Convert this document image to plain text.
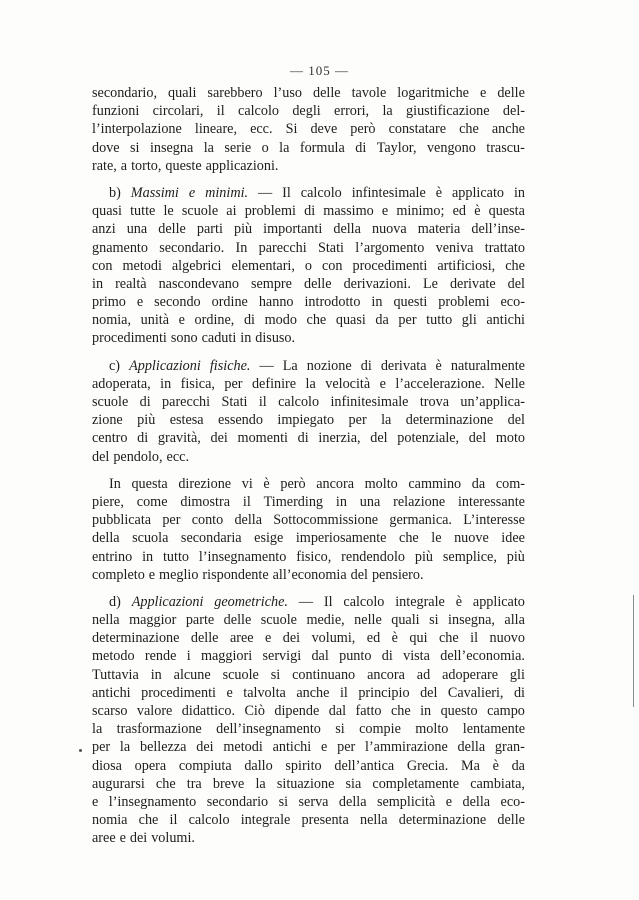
— 105 —
secondario, quali sarebbero l’uso delle tavole logaritmiche e delle
funzioni circolari, il calcolo degli errori, la giustificazione del-
l’interpolazione lineare, ecc. Si deve però constatare che anche
dove si insegna la serie o la formula di Taylor, vengono trascu-
rate, a torto, queste applicazioni.
b) Massimi e minimi. — Il calcolo infintesimale è applicato in
quasi tutte le scuole ai problemi di massimo e minimo; ed è questa
anzi una delle parti più importanti della nuova materia dell’inse-
gnamento secondario. In parecchi Stati l’argomento veniva trattato
con metodi algebrici elementari, o con procedimenti artificiosi, che
in realtà nascondevano sempre delle derivazioni. Le derivate del
primo e secondo ordine hanno introdotto in questi problemi eco-
nomia, unità e ordine, di modo che quasi da per tutto gli antichi
procedimenti sono caduti in disuso.
c) Applicazioni fisiche. — La nozione di derivata è naturalmente
adoperata, in fisica, per definire la velocità e l’accelerazione. Nelle
scuole di parecchi Stati il calcolo infinitesimale trova un’applica-
zione più estesa essendo impiegato per la determinazione del
centro di gravità, dei momenti di inerzia, del potenziale, del moto
del pendolo, ecc.
In questa direzione vi è però ancora molto cammino da com-
piere, come dimostra il Timerding in una relazione interessante
pubblicata per conto della Sottocommissione germanica. L’interesse
della scuola secondaria esige imperiosamente che le nuove idee
entrino in tutto l’insegnamento fisico, rendendolo più semplice, più
completo e meglio rispondente all’economia del pensiero.
d) Applicazioni geometriche. — Il calcolo integrale è applicato
nella maggior parte delle scuole medie, nelle quali si insegna, alla
determinazione delle aree e dei volumi, ed è qui che il nuovo
metodo rende i maggiori servigi dal punto di vista dell’economia.
Tuttavia in alcune scuole si continuano ancora ad adoperare gli
antichi procedimenti e talvolta anche il principio del Cavalieri, di
scarso valore didattico. Ciò dipende dal fatto che in questo campo
la trasformazione dell’insegnamento si compie molto lentamente
per la bellezza dei metodi antichi e per l’ammirazione della gran-
diosa opera compiuta dallo spirito dell’antica Grecia. Ma è da
augurarsi che tra breve la situazione sia completamente cambiata,
e l’insegnamento secondario si serva della semplicità e della eco-
nomia che il calcolo integrale presenta nella determinazione delle
aree e dei volumi.
